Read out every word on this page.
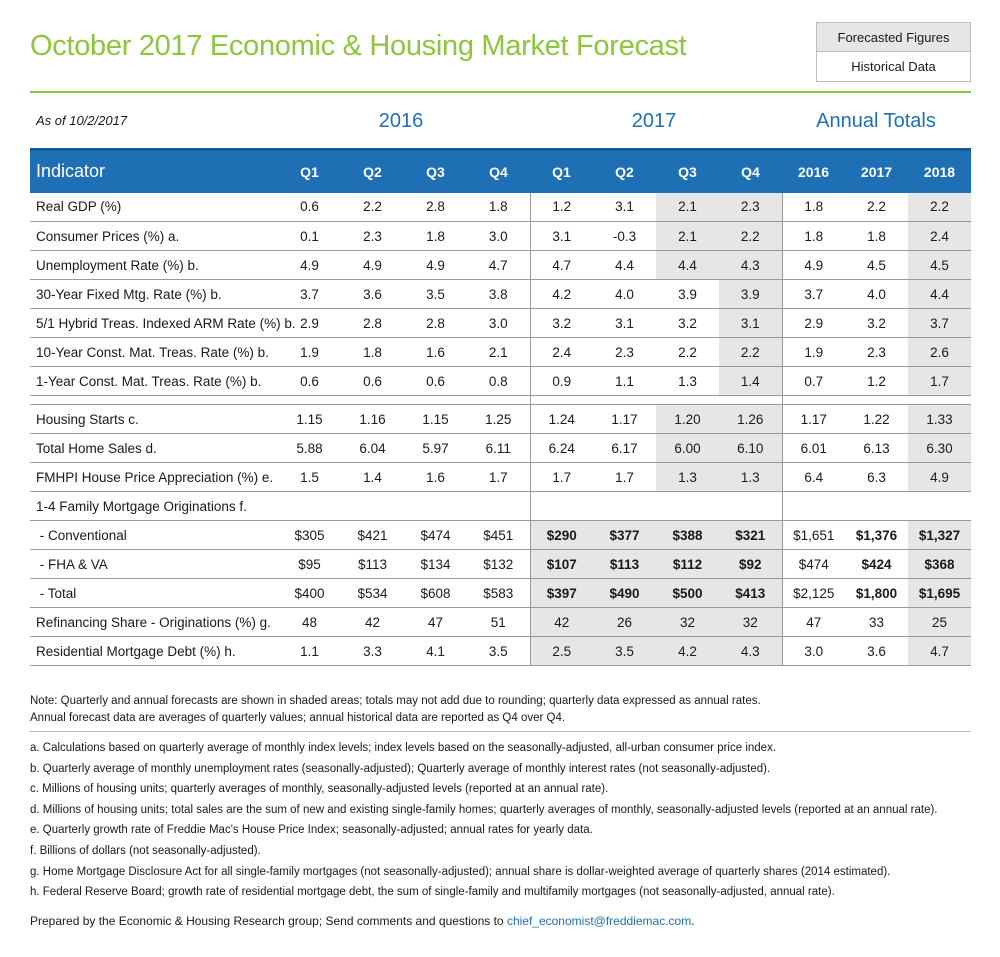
October 2017 Economic & Housing Market Forecast	Forecasted Figures
Historical Data
As of 10/2/2017	2016	2017	Annual Totals
Indicator	Q1	Q2	Q3	Q4	Q1	Q2	Q3	Q4	2016	2017	2018
Real GDP (%)	0.6	2.2	2.8	1.8	1.2	3.1	2.1	2.3	1.8	2.2	2.2
Consumer Prices (%) a.	0.1	2.3	1.8	3.0	3.1	-0.3	2.1	2.2	1.8	1.8	2.4
Unemployment Rate (%) b.	4.9	4.9	4.9	4.7	4.7	4.4	4.4	4.3	4.9	4.5	4.5
30-Year Fixed Mtg. Rate (%) b.	3.7	3.6	3.5	3.8	4.2	4.0	3.9	3.9	3.7	4.0	4.4
5/1 Hybrid Treas. Indexed ARM Rate (%) b.	2.9	2.8	2.8	3.0	3.2	3.1	3.2	3.1	2.9	3.2	3.7
10-Year Const. Mat. Treas. Rate (%) b.	1.9	1.8	1.6	2.1	2.4	2.3	2.2	2.2	1.9	2.3	2.6
1-Year Const. Mat. Treas. Rate (%) b.	0.6	0.6	0.6	0.8	0.9	1.1	1.3	1.4	0.7	1.2	1.7

Housing Starts c.	1.15	1.16	1.15	1.25	1.24	1.17	1.20	1.26	1.17	1.22	1.33
Total Home Sales d.	5.88	6.04	5.97	6.11	6.24	6.17	6.00	6.10	6.01	6.13	6.30
FMHPI House Price Appreciation (%) e.	1.5	1.4	1.6	1.7	1.7	1.7	1.3	1.3	6.4	6.3	4.9
1-4 Family Mortgage Originations f.											
- Conventional	$305	$421	$474	$451	$290	$377	$388	$321	$1,651	$1,376	$1,327
- FHA & VA	$95	$113	$134	$132	$107	$113	$112	$92	$474	$424	$368
- Total	$400	$534	$608	$583	$397	$490	$500	$413	$2,125	$1,800	$1,695
Refinancing Share - Originations (%) g.	48	42	47	51	42	26	32	32	47	33	25
Residential Mortgage Debt (%) h.	1.1	3.3	4.1	3.5	2.5	3.5	4.2	4.3	3.0	3.6	4.7
Note: Quarterly and annual forecasts are shown in shaded areas; totals may not add due to rounding; quarterly data expressed as annual rates.
Annual forecast data are averages of quarterly values; annual historical data are reported as Q4 over Q4.
a. Calculations based on quarterly average of monthly index levels; index levels based on the seasonally-adjusted, all-urban consumer price index.
b. Quarterly average of monthly unemployment rates (seasonally-adjusted); Quarterly average of monthly interest rates (not seasonally-adjusted).
c. Millions of housing units; quarterly averages of monthly, seasonally-adjusted levels (reported at an annual rate).
d. Millions of housing units; total sales are the sum of new and existing single-family homes; quarterly averages of monthly, seasonally-adjusted levels (reported at an annual rate).
e. Quarterly growth rate of Freddie Mac's House Price Index; seasonally-adjusted; annual rates for yearly data.
f. Billions of dollars (not seasonally-adjusted).
g. Home Mortgage Disclosure Act for all single-family mortgages (not seasonally-adjusted); annual share is dollar-weighted average of quarterly shares (2014 estimated).
h. Federal Reserve Board; growth rate of residential mortgage debt, the sum of single-family and multifamily mortgages (not seasonally-adjusted, annual rate).
Prepared by the Economic & Housing Research group; Send comments and questions to chief_economist@freddiemac.com.
